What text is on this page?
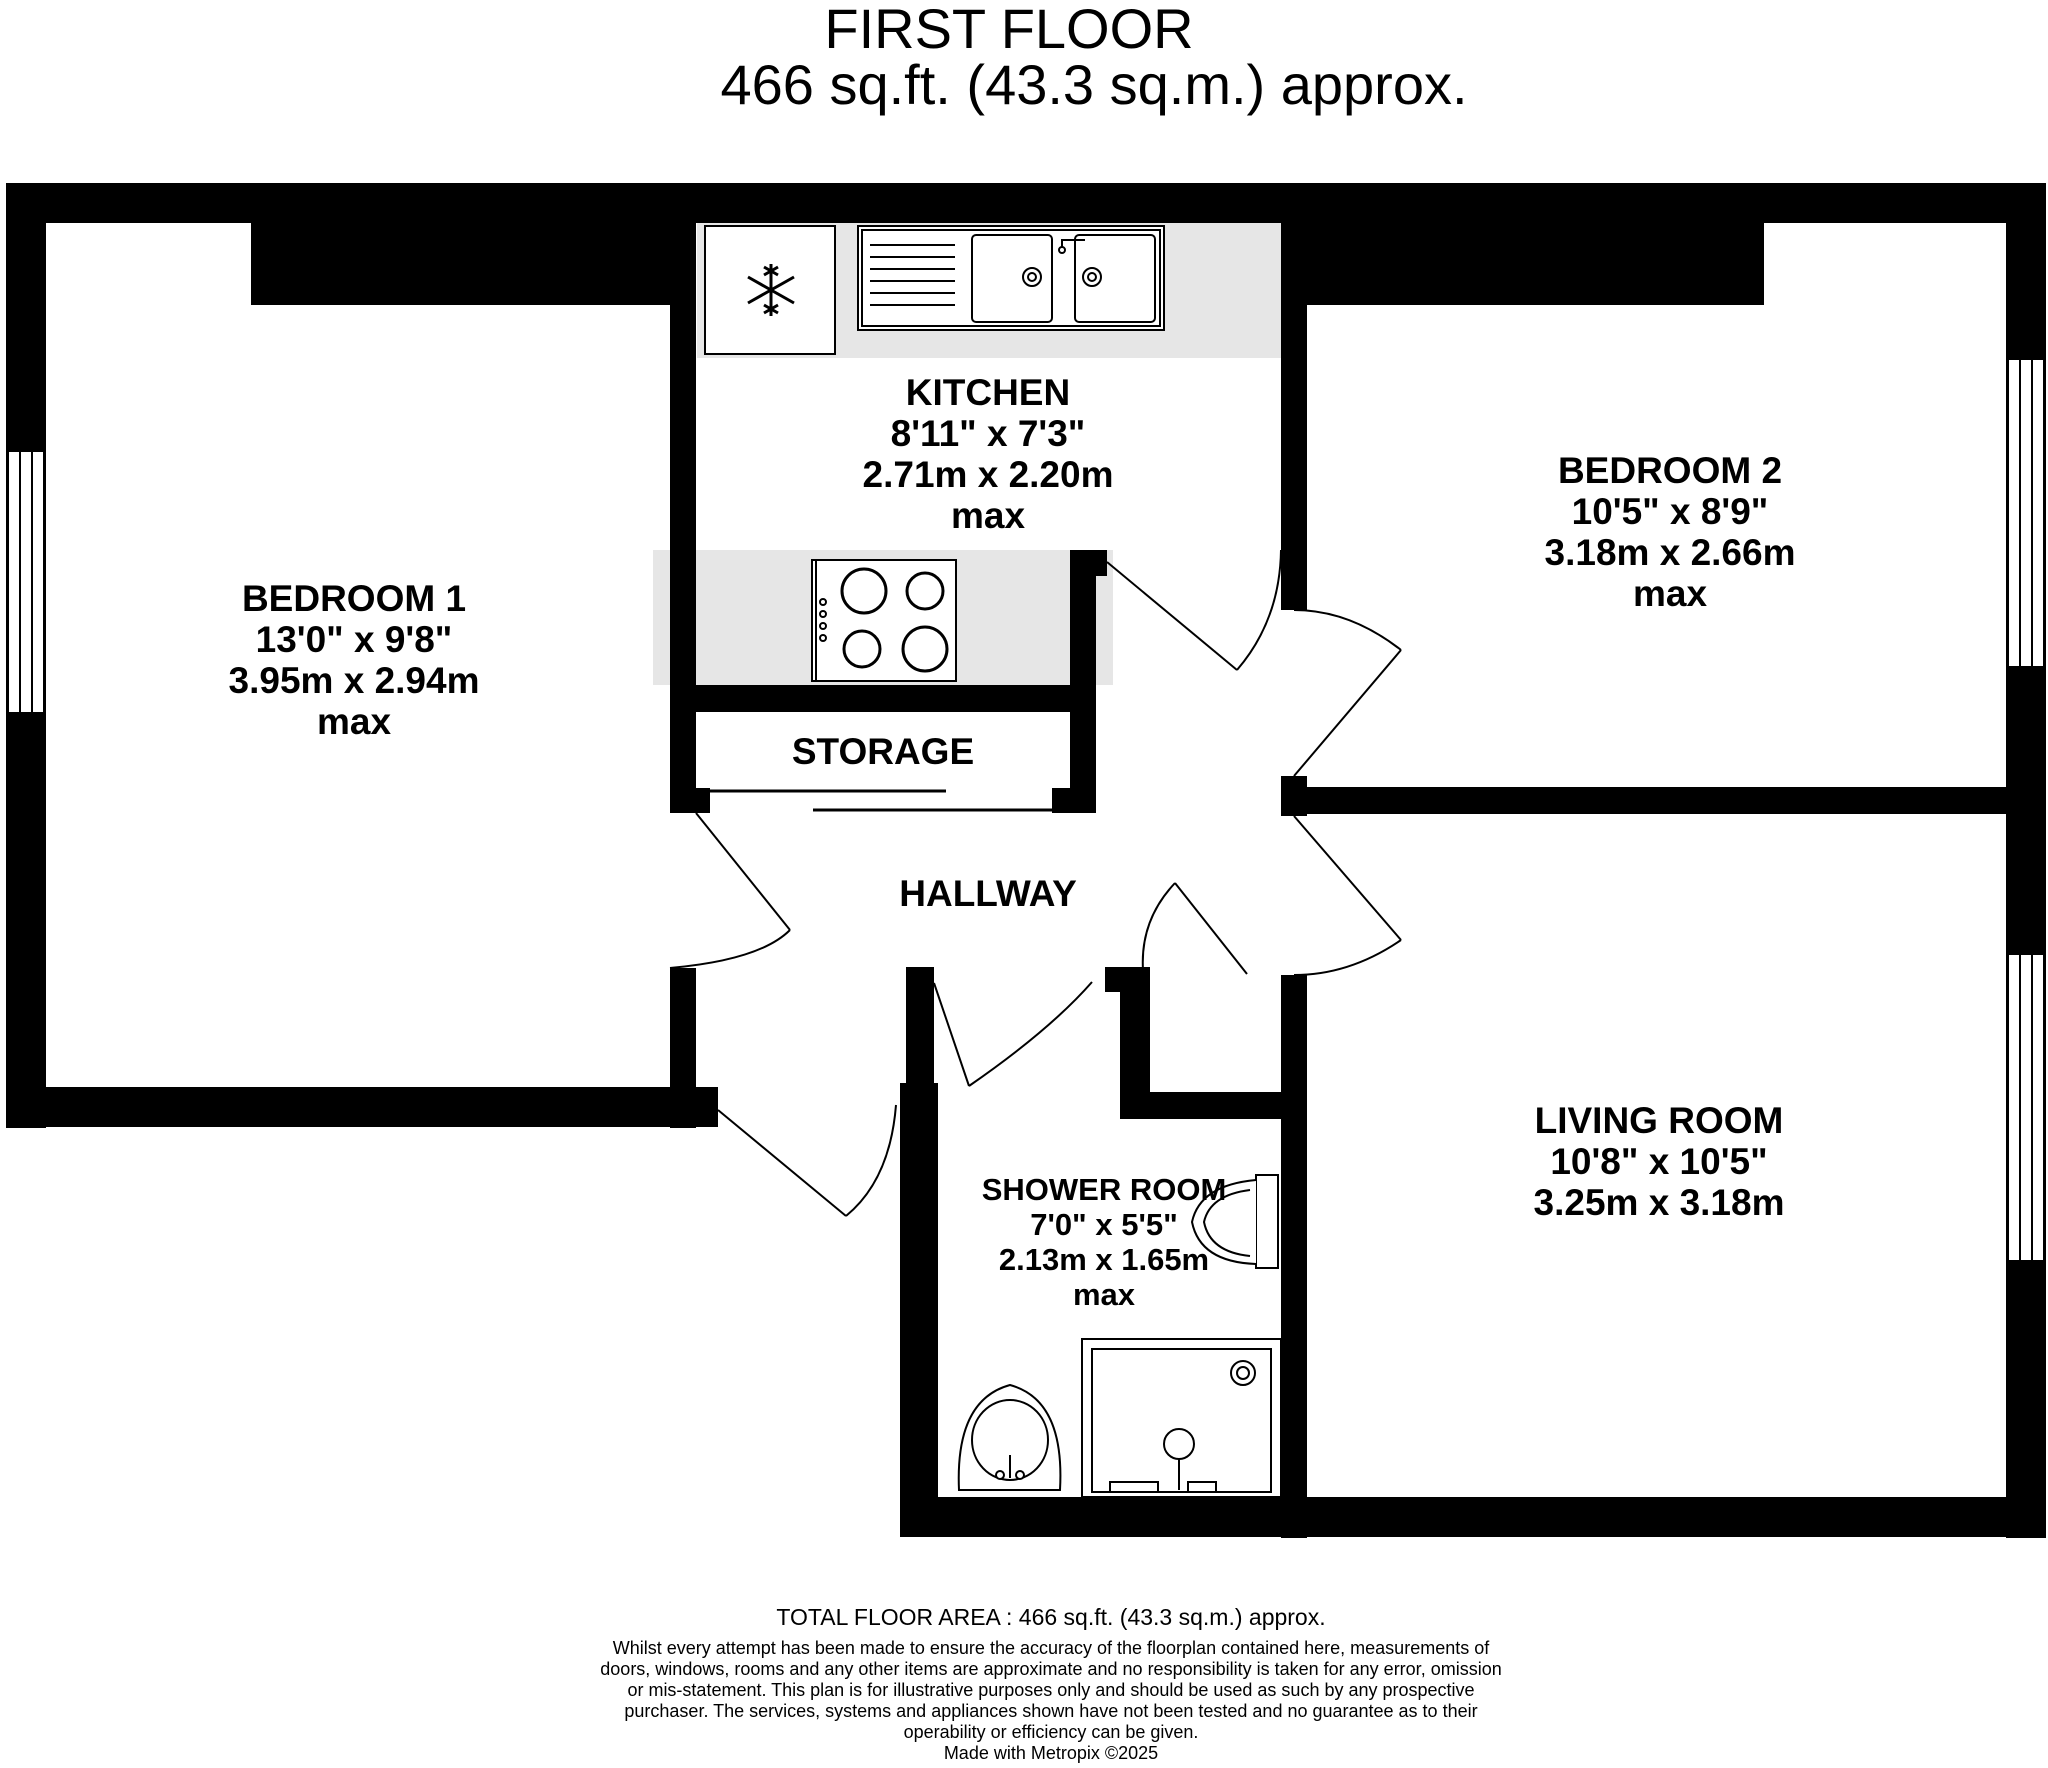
FIRST FLOOR
466 sq.ft. (43.3 sq.m.) approx.
BEDROOM 1
13'0" x 9'8"
3.95m x 2.94m
max
KITCHEN
8'11" x 7'3"
2.71m x 2.20m
max
BEDROOM 2
10'5" x 8'9"
3.18m x 2.66m
max
STORAGE
HALLWAY
LIVING ROOM
10'8" x 10'5"
3.25m x 3.18m
SHOWER ROOM
7'0" x 5'5"
2.13m x 1.65m
max
TOTAL FLOOR AREA : 466 sq.ft. (43.3 sq.m.) approx.
Whilst every attempt has been made to ensure the accuracy of the floorplan contained here, measurements of doors, windows, rooms and any other items are approximate and no responsibility is taken for any error, omission or mis-statement. This plan is for illustrative purposes only and should be used as such by any prospective purchaser. The services, systems and appliances shown have not been tested and no guarantee as to their operability or efficiency can be given.
Made with Metropix ©2025
